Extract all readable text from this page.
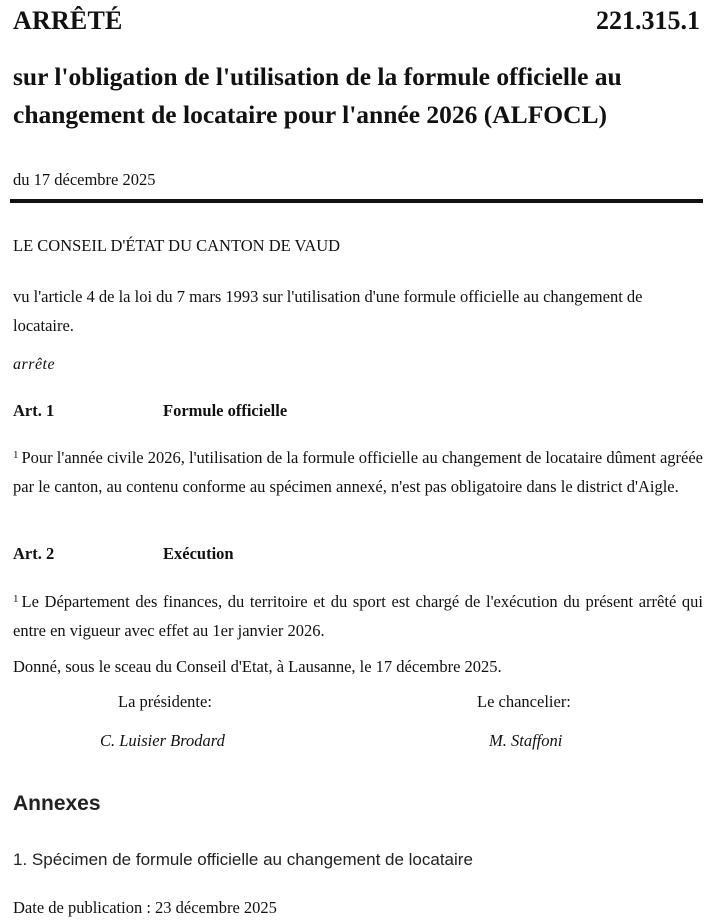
ARRÊTÉ	221.315.1
sur l'obligation de l'utilisation de la formule officielle au changement de locataire pour l'année 2026 (ALFOCL)
du 17 décembre 2025
LE CONSEIL D'ÉTAT DU CANTON DE VAUD
vu l'article 4 de la loi du 7 mars 1993 sur l'utilisation d'une formule officielle au changement de locataire.
arrête
Art. 1	Formule officielle
$^1$ Pour l'année civile 2026, l'utilisation de la formule officielle au changement de locataire dûment agréée par le canton, au contenu conforme au spécimen annexé, n'est pas obligatoire dans le district d'Aigle.
Art. 2	Exécution
$^1$ Le Département des finances, du territoire et du sport est chargé de l'exécution du présent arrêté qui entre en vigueur avec effet au 1er janvier 2026.
Donné, sous le sceau du Conseil d'Etat, à Lausanne, le 17 décembre 2025.
La présidente:	Le chancelier:
C. Luisier Brodard	M. Staffoni
Annexes
1. Spécimen de formule officielle au changement de locataire
Date de publication : 23 décembre 2025
